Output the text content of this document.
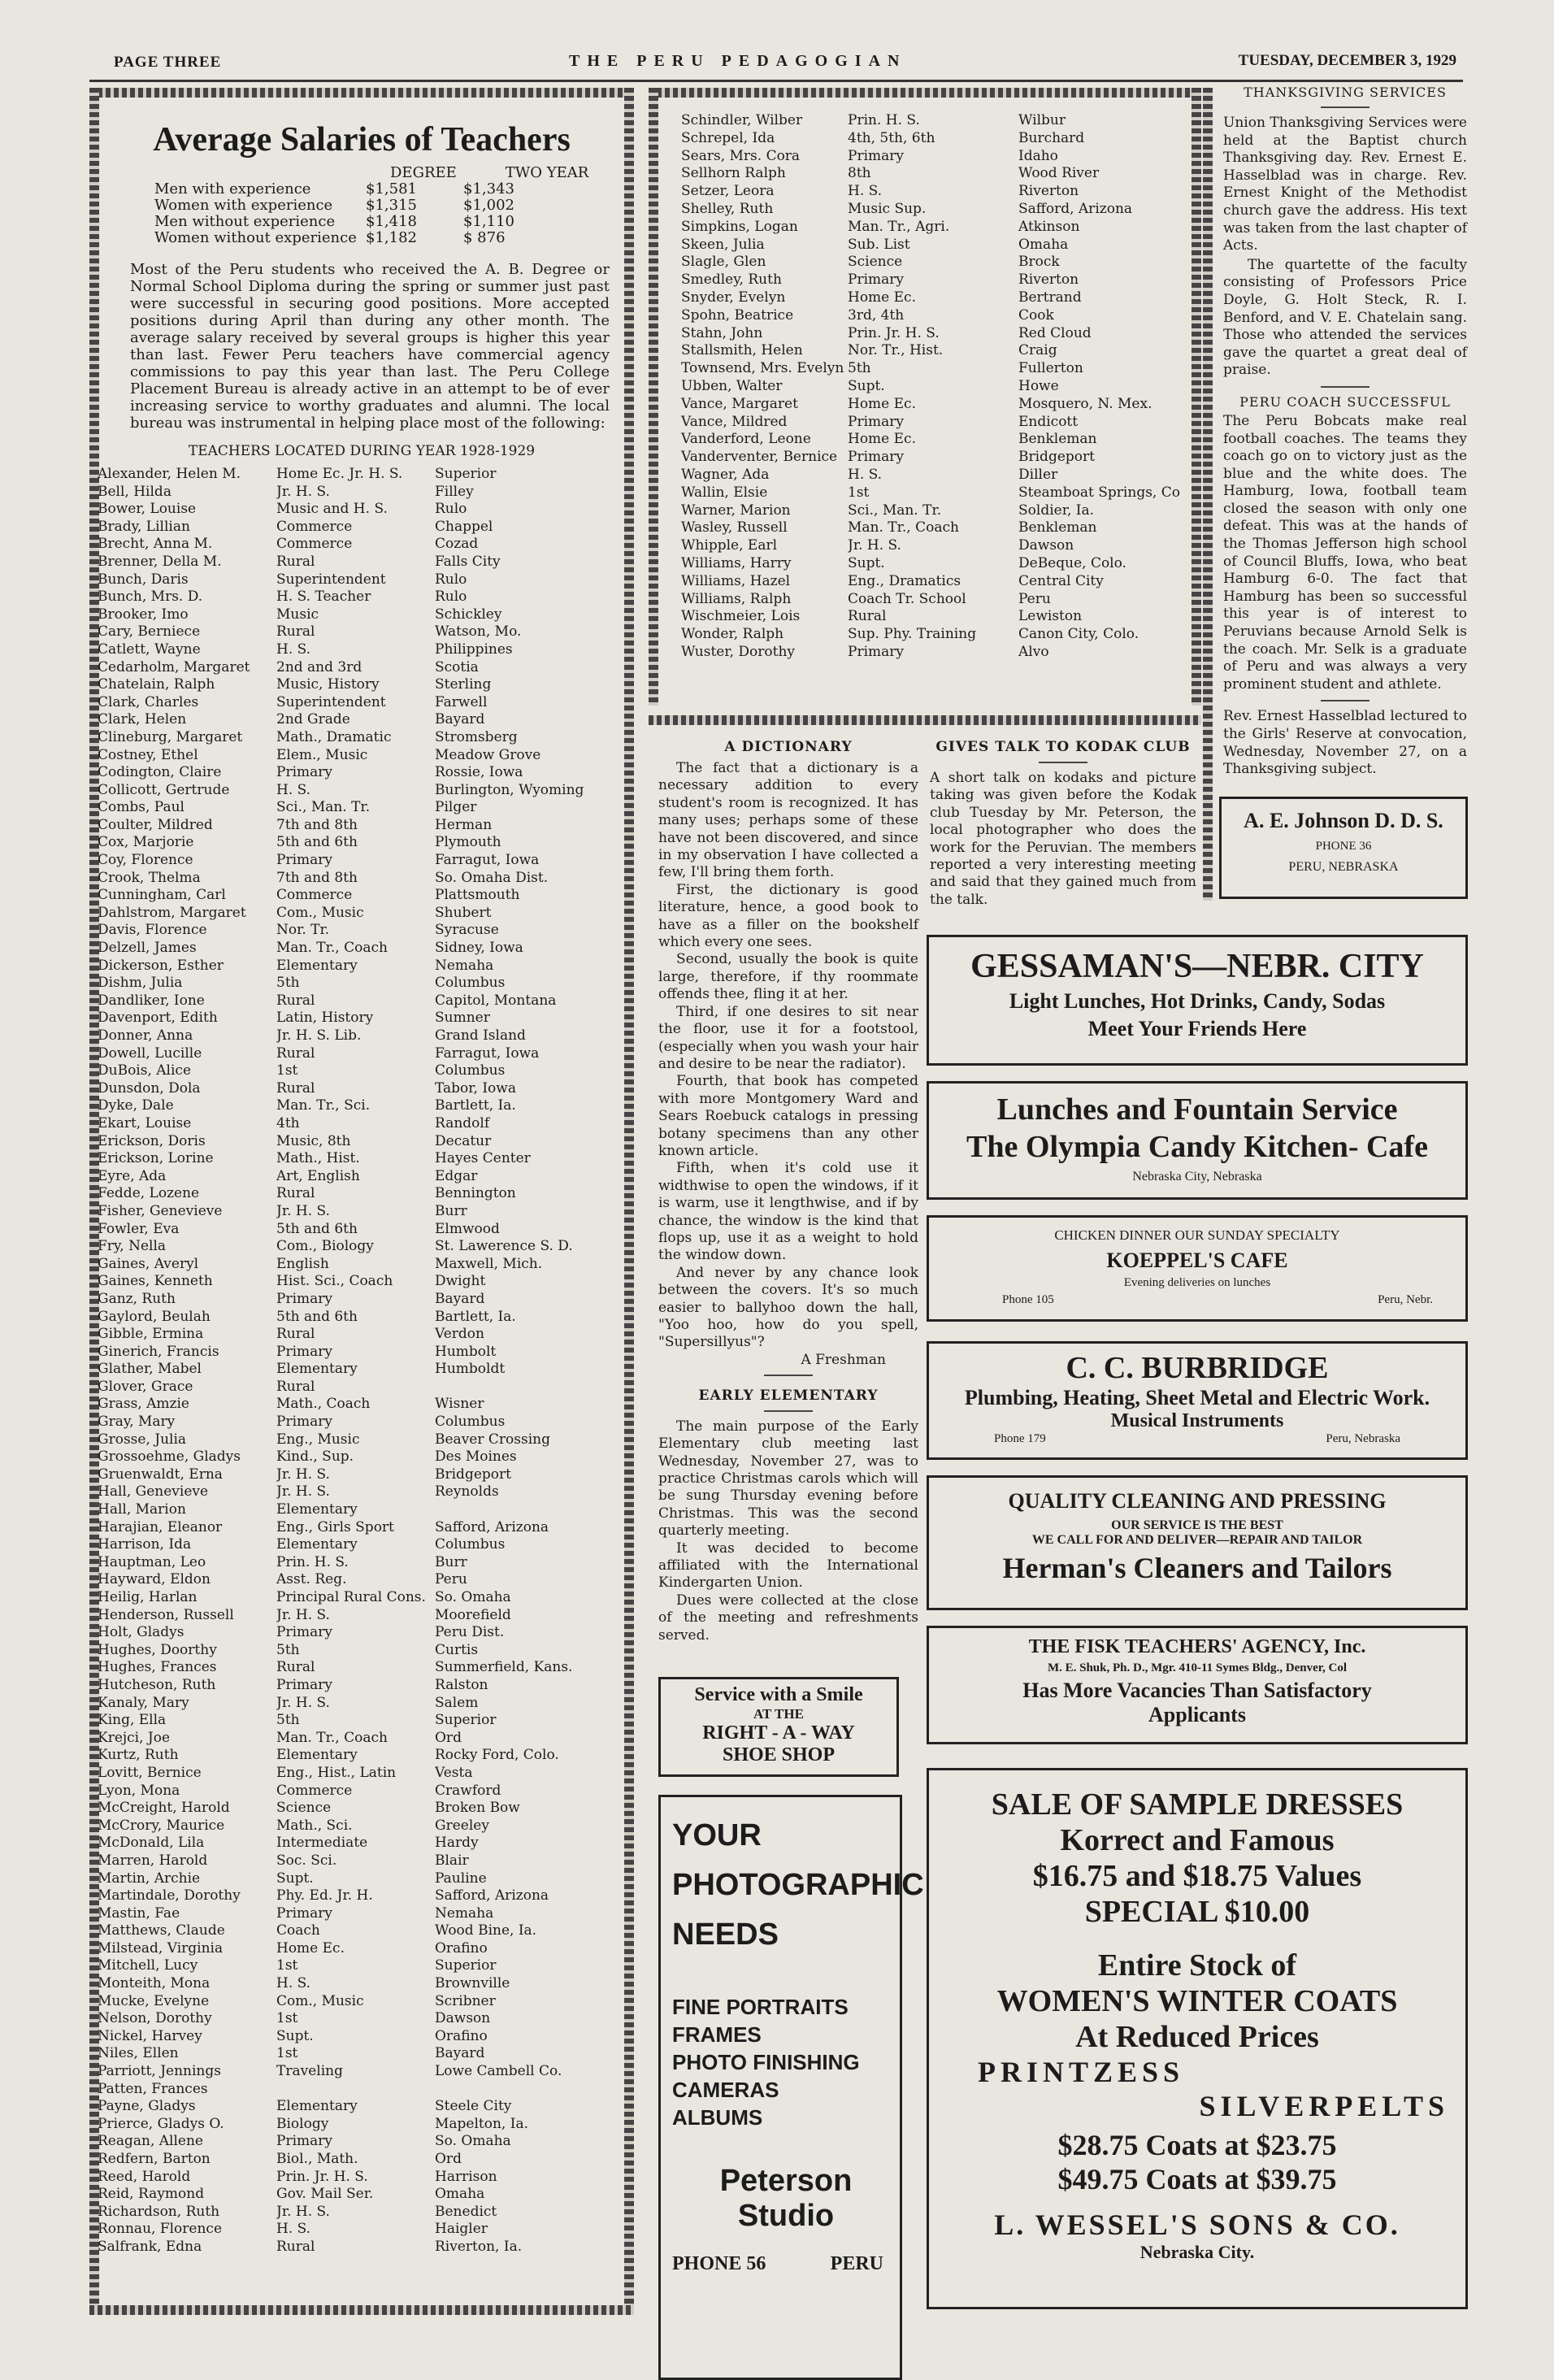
PAGE THREE	THE PERU PEDAGOGIAN	TUESDAY, DECEMBER 3, 1929
Average Salaries of Teachers
DEGREE	TWO YEAR
Men with experience	$1,581	$1,343
Women with experience	$1,315	$1,002
Men without experience	$1,418	$1,110
Women without experience $1,182	$ 876
Most of the Peru students who received the A. B. Degree or Normal School Diploma during the spring or summer just past were successful in securing good positions. More accepted positions during April than during any other month. The average salary received by several groups is higher this year than last. Fewer Peru teachers have commercial agency commissions to pay this year than last. The Peru College Placement Bureau is already active in an attempt to be of ever increasing service to worthy graduates and alumni. The local bureau was instrumental in helping place most of the following:
TEACHERS LOCATED DURING YEAR 1928-1929
Alexander, Helen M.	Home Ec. Jr. H. S.	Superior
Bell, Hilda	Jr. H. S.	Filley
Bower, Louise	Music and H. S.	Rulo
Brady, Lillian	Commerce	Chappel
Brecht, Anna M.	Commerce	Cozad
Brenner, Della M.	Rural	Falls City
Bunch, Daris	Superintendent	Rulo
Bunch, Mrs. D.	H. S. Teacher	Rulo
Brooker, Imo	Music	Schickley
Cary, Berniece	Rural	Watson, Mo.
Catlett, Wayne	H. S.	Philippines
Cedarholm, Margaret	2nd and 3rd	Scotia
Chatelain, Ralph	Music, History	Sterling
Clark, Charles	Superintendent	Farwell
Clark, Helen	2nd Grade	Bayard
Clineburg, Margaret	Math., Dramatic	Stromsberg
Costney, Ethel	Elem., Music	Meadow Grove
Codington, Claire	Primary	Rossie, Iowa
Collicott, Gertrude	H. S.	Burlington, Wyoming
Combs, Paul	Sci., Man. Tr.	Pilger
Coulter, Mildred	7th and 8th	Herman
Cox, Marjorie	5th and 6th	Plymouth
Coy, Florence	Primary	Farragut, Iowa
Crook, Thelma	7th and 8th	So. Omaha Dist.
Cunningham, Carl	Commerce	Plattsmouth
Dahlstrom, Margaret	Com., Music	Shubert
Davis, Florence	Nor. Tr.	Syracuse
Delzell, James	Man. Tr., Coach	Sidney, Iowa
Dickerson, Esther	Elementary	Nemaha
Dishm, Julia	5th	Columbus
Dandliker, Ione	Rural	Capitol, Montana
Davenport, Edith	Latin, History	Sumner
Donner, Anna	Jr. H. S. Lib.	Grand Island
Dowell, Lucille	Rural	Farragut, Iowa
DuBois, Alice	1st	Columbus
Dunsdon, Dola	Rural	Tabor, Iowa
Dyke, Dale	Man. Tr., Sci.	Bartlett, Ia.
Ekart, Louise	4th	Randolf
Erickson, Doris	Music, 8th	Decatur
Erickson, Lorine	Math., Hist.	Hayes Center
Eyre, Ada	Art, English	Edgar
Fedde, Lozene	Rural	Bennington
Fisher, Genevieve	Jr. H. S.	Burr
Fowler, Eva	5th and 6th	Elmwood
Fry, Nella	Com., Biology	St. Lawerence S. D.
Gaines, Averyl	English	Maxwell, Mich.
Gaines, Kenneth	Hist. Sci., Coach	Dwight
Ganz, Ruth	Primary	Bayard
Gaylord, Beulah	5th and 6th	Bartlett, Ia.
Gibble, Ermina	Rural	Verdon
Ginerich, Francis	Primary	Humbolt
Glather, Mabel	Elementary	Humboldt
Glover, Grace	Rural
Grass, Amzie	Math., Coach	Wisner
Gray, Mary	Primary	Columbus
Grosse, Julia	Eng., Music	Beaver Crossing
Grossoehme, Gladys	Kind., Sup.	Des Moines
Gruenwaldt, Erna	Jr. H. S.	Bridgeport
Hall, Genevieve	Jr. H. S.	Reynolds
Hall, Marion	Elementary
Harajian, Eleanor	Eng., Girls Sport	Safford, Arizona
Harrison, Ida	Elementary	Columbus
Hauptman, Leo	Prin. H. S.	Burr
Hayward, Eldon	Asst. Reg.	Peru
Heilig, Harlan	Principal Rural Cons. So. Omaha
Henderson, Russell	Jr. H. S.	Moorefield
Holt, Gladys	Primary	Peru Dist.
Hughes, Doorthy	5th	Curtis
Hughes, Frances	Rural	Summerfield, Kans.
Hutcheson, Ruth	Primary	Ralston
Kanaly, Mary	Jr. H. S.	Salem
King, Ella	5th	Superior
Krejci, Joe	Man. Tr., Coach	Ord
Kurtz, Ruth	Elementary	Rocky Ford, Colo.
Lovitt, Bernice	Eng., Hist., Latin	Vesta
Lyon, Mona	Commerce	Crawford
McCreight, Harold	Science	Broken Bow
McCrory, Maurice	Math., Sci.	Greeley
McDonald, Lila	Intermediate	Hardy
Marren, Harold	Soc. Sci.	Blair
Martin, Archie	Supt.	Pauline
Martindale, Dorothy	Phy. Ed. Jr. H.	Safford, Arizona
Mastin, Fae	Primary	Nemaha
Matthews, Claude	Coach	Wood Bine, Ia.
Milstead, Virginia	Home Ec.	Orafino
Mitchell, Lucy	1st	Superior
Monteith, Mona	H. S.	Brownville
Mucke, Evelyne	Com., Music	Scribner
Nelson, Dorothy	1st	Dawson
Nickel, Harvey	Supt.	Orafino
Niles, Ellen	1st	Bayard
Parriott, Jennings	Traveling	Lowe Cambell Co.
Patten, Frances
Payne, Gladys	Elementary	Steele City
Prierce, Gladys O.	Biology	Mapelton, Ia.
Reagan, Allene	Primary	So. Omaha
Redfern, Barton	Biol., Math.	Ord
Reed, Harold	Prin. Jr. H. S.	Harrison
Reid, Raymond	Gov. Mail Ser.	Omaha
Richardson, Ruth	Jr. H. S.	Benedict
Ronnau, Florence	H. S.	Haigler
Salfrank, Edna	Rural	Riverton, Ia.
Schindler, Wilber	Prin. H. S.	Wilbur
Schrepel, Ida	4th, 5th, 6th	Burchard
Sears, Mrs. Cora	Primary	Idaho
Sellhorn Ralph	8th	Wood River
Setzer, Leora	H. S.	Riverton
Shelley, Ruth	Music Sup.	Safford, Arizona
Simpkins, Logan	Man. Tr., Agri.	Atkinson
Skeen, Julia	Sub. List	Omaha
Slagle, Glen	Science	Brock
Smedley, Ruth	Primary	Riverton
Snyder, Evelyn	Home Ec.	Bertrand
Spohn, Beatrice	3rd, 4th	Cook
Stahn, John	Prin. Jr. H. S.	Red Cloud
Stallsmith, Helen	Nor. Tr., Hist.	Craig
Townsend, Mrs. Evelyn 5th	Fullerton
Ubben, Walter	Supt.	Howe
Vance, Margaret	Home Ec.	Mosquero, N. Mex.
Vance, Mildred	Primary	Endicott
Vanderford, Leone	Home Ec.	Benkleman
Vanderventer, Bernice Primary	Bridgeport
Wagner, Ada	H. S.	Diller
Wallin, Elsie	1st	Steamboat Springs, Co
Warner, Marion	Sci., Man. Tr.	Soldier, Ia.
Wasley, Russell	Man. Tr., Coach	Benkleman
Whipple, Earl	Jr. H. S.	Dawson
Williams, Harry	Supt.	DeBeque, Colo.
Williams, Hazel	Eng., Dramatics	Central City
Williams, Ralph	Coach Tr. School	Peru
Wischmeier, Lois	Rural	Lewiston
Wonder, Ralph	Sup. Phy. Training	Canon City, Colo.
Wuster, Dorothy	Primary	Alvo
A DICTIONARY
The fact that a dictionary is a necessary addition to every student's room is recognized. It has many uses; perhaps some of these have not been discovered, and since in my observation I have collected a few, I'll bring them forth.
First, the dictionary is good literature, hence, a good book to have as a filler on the bookshelf which every one sees.
Second, usually the book is quite large, therefore, if thy roommate offends thee, fling it at her.
Third, if one desires to sit near the floor, use it for a footstool, (especially when you wash your hair and desire to be near the radiator).
Fourth, that book has competed with more Montgomery Ward and Sears Roebuck catalogs in pressing botany specimens than any other known article.
Fifth, when it's cold use it widthwise to open the windows, if it is warm, use it lengthwise, and if by chance, the window is the kind that flops up, use it as a weight to hold the window down.
And never by any chance look between the covers. It's so much easier to ballyhoo down the hall, "Yoo hoo, how do you spell, "Supersillyus"?
A Freshman
EARLY ELEMENTARY
The main purpose of the Early Elementary club meeting last Wednesday, November 27, was to practice Christmas carols which will be sung Thursday evening before Christmas. This was the second quarterly meeting.
It was decided to become affiliated with the International Kindergarten Union.
Dues were collected at the close of the meeting and refreshments served.
Service with a Smile
AT THE
RIGHT - A - WAY
SHOE SHOP
YOUR
PHOTOGRAPHIC
NEEDS
FINE PORTRAITS
FRAMES
PHOTO FINISHING
CAMERAS
ALBUMS
Peterson Studio
PHONE 56	PERU
GIVES TALK TO KODAK CLUB
A short talk on kodaks and picture taking was given before the Kodak club Tuesday by Mr. Peterson, the local photographer who does the work for the Peruvian. The members reported a very interesting meeting and said that they gained much from the talk.
THANKSGIVING SERVICES
Union Thanksgiving Services were held at the Baptist church Thanksgiving day. Rev. Ernest E. Hasselblad was in charge. Rev. Ernest Knight of the Methodist church gave the address. His text was taken from the last chapter of Acts.
The quartette of the faculty consisting of Professors Price Doyle, G. Holt Steck, R. I. Benford, and V. E. Chatelain sang. Those who attended the services gave the quartet a great deal of praise.
PERU COACH SUCCESSFUL
The Peru Bobcats make real football coaches. The teams they coach go on to victory just as the blue and the white does. The Hamburg, Iowa, football team closed the season with only one defeat. This was at the hands of the Thomas Jefferson high school of Council Bluffs, Iowa, who beat Hamburg 6-0. The fact that Hamburg has been so successful this year is of interest to Peruvians because Arnold Selk is the coach. Mr. Selk is a graduate of Peru and was always a very prominent student and athlete.
Rev. Ernest Hasselblad lectured to the Girls' Reserve at convocation, Wednesday, November 27, on a Thanksgiving subject.
A. E. Johnson D. D. S.
PHONE 36
PERU, NEBRASKA
GESSAMAN'S—NEBR. CITY
Light Lunches, Hot Drinks, Candy, Sodas
Meet Your Friends Here
Lunches and Fountain Service
The Olympia Candy Kitchen- Cafe
Nebraska City, Nebraska
CHICKEN DINNER OUR SUNDAY SPECIALTY
KOEPPEL'S CAFE
Evening deliveries on lunches
Phone 105	Peru, Nebr.
C. C. BURBRIDGE
Plumbing, Heating, Sheet Metal and Electric Work.
Musical Instruments
Phone 179	Peru, Nebraska
QUALITY CLEANING AND PRESSING
OUR SERVICE IS THE BEST
WE CALL FOR AND DELIVER—REPAIR AND TAILOR
Herman's Cleaners and Tailors
THE FISK TEACHERS' AGENCY, Inc.
M. E. Shuk, Ph. D., Mgr. 410-11 Symes Bldg., Denver, Col
Has More Vacancies Than Satisfactory Applicants
SALE OF SAMPLE DRESSES
Korrect and Famous
$16.75 and $18.75 Values
SPECIAL $10.00
Entire Stock of
WOMEN'S WINTER COATS
At Reduced Prices
PRINTZESS
SILVERPELTS
$28.75 Coats at $23.75
$49.75 Coats at $39.75
L. WESSEL'S SONS & CO.
Nebraska City.
